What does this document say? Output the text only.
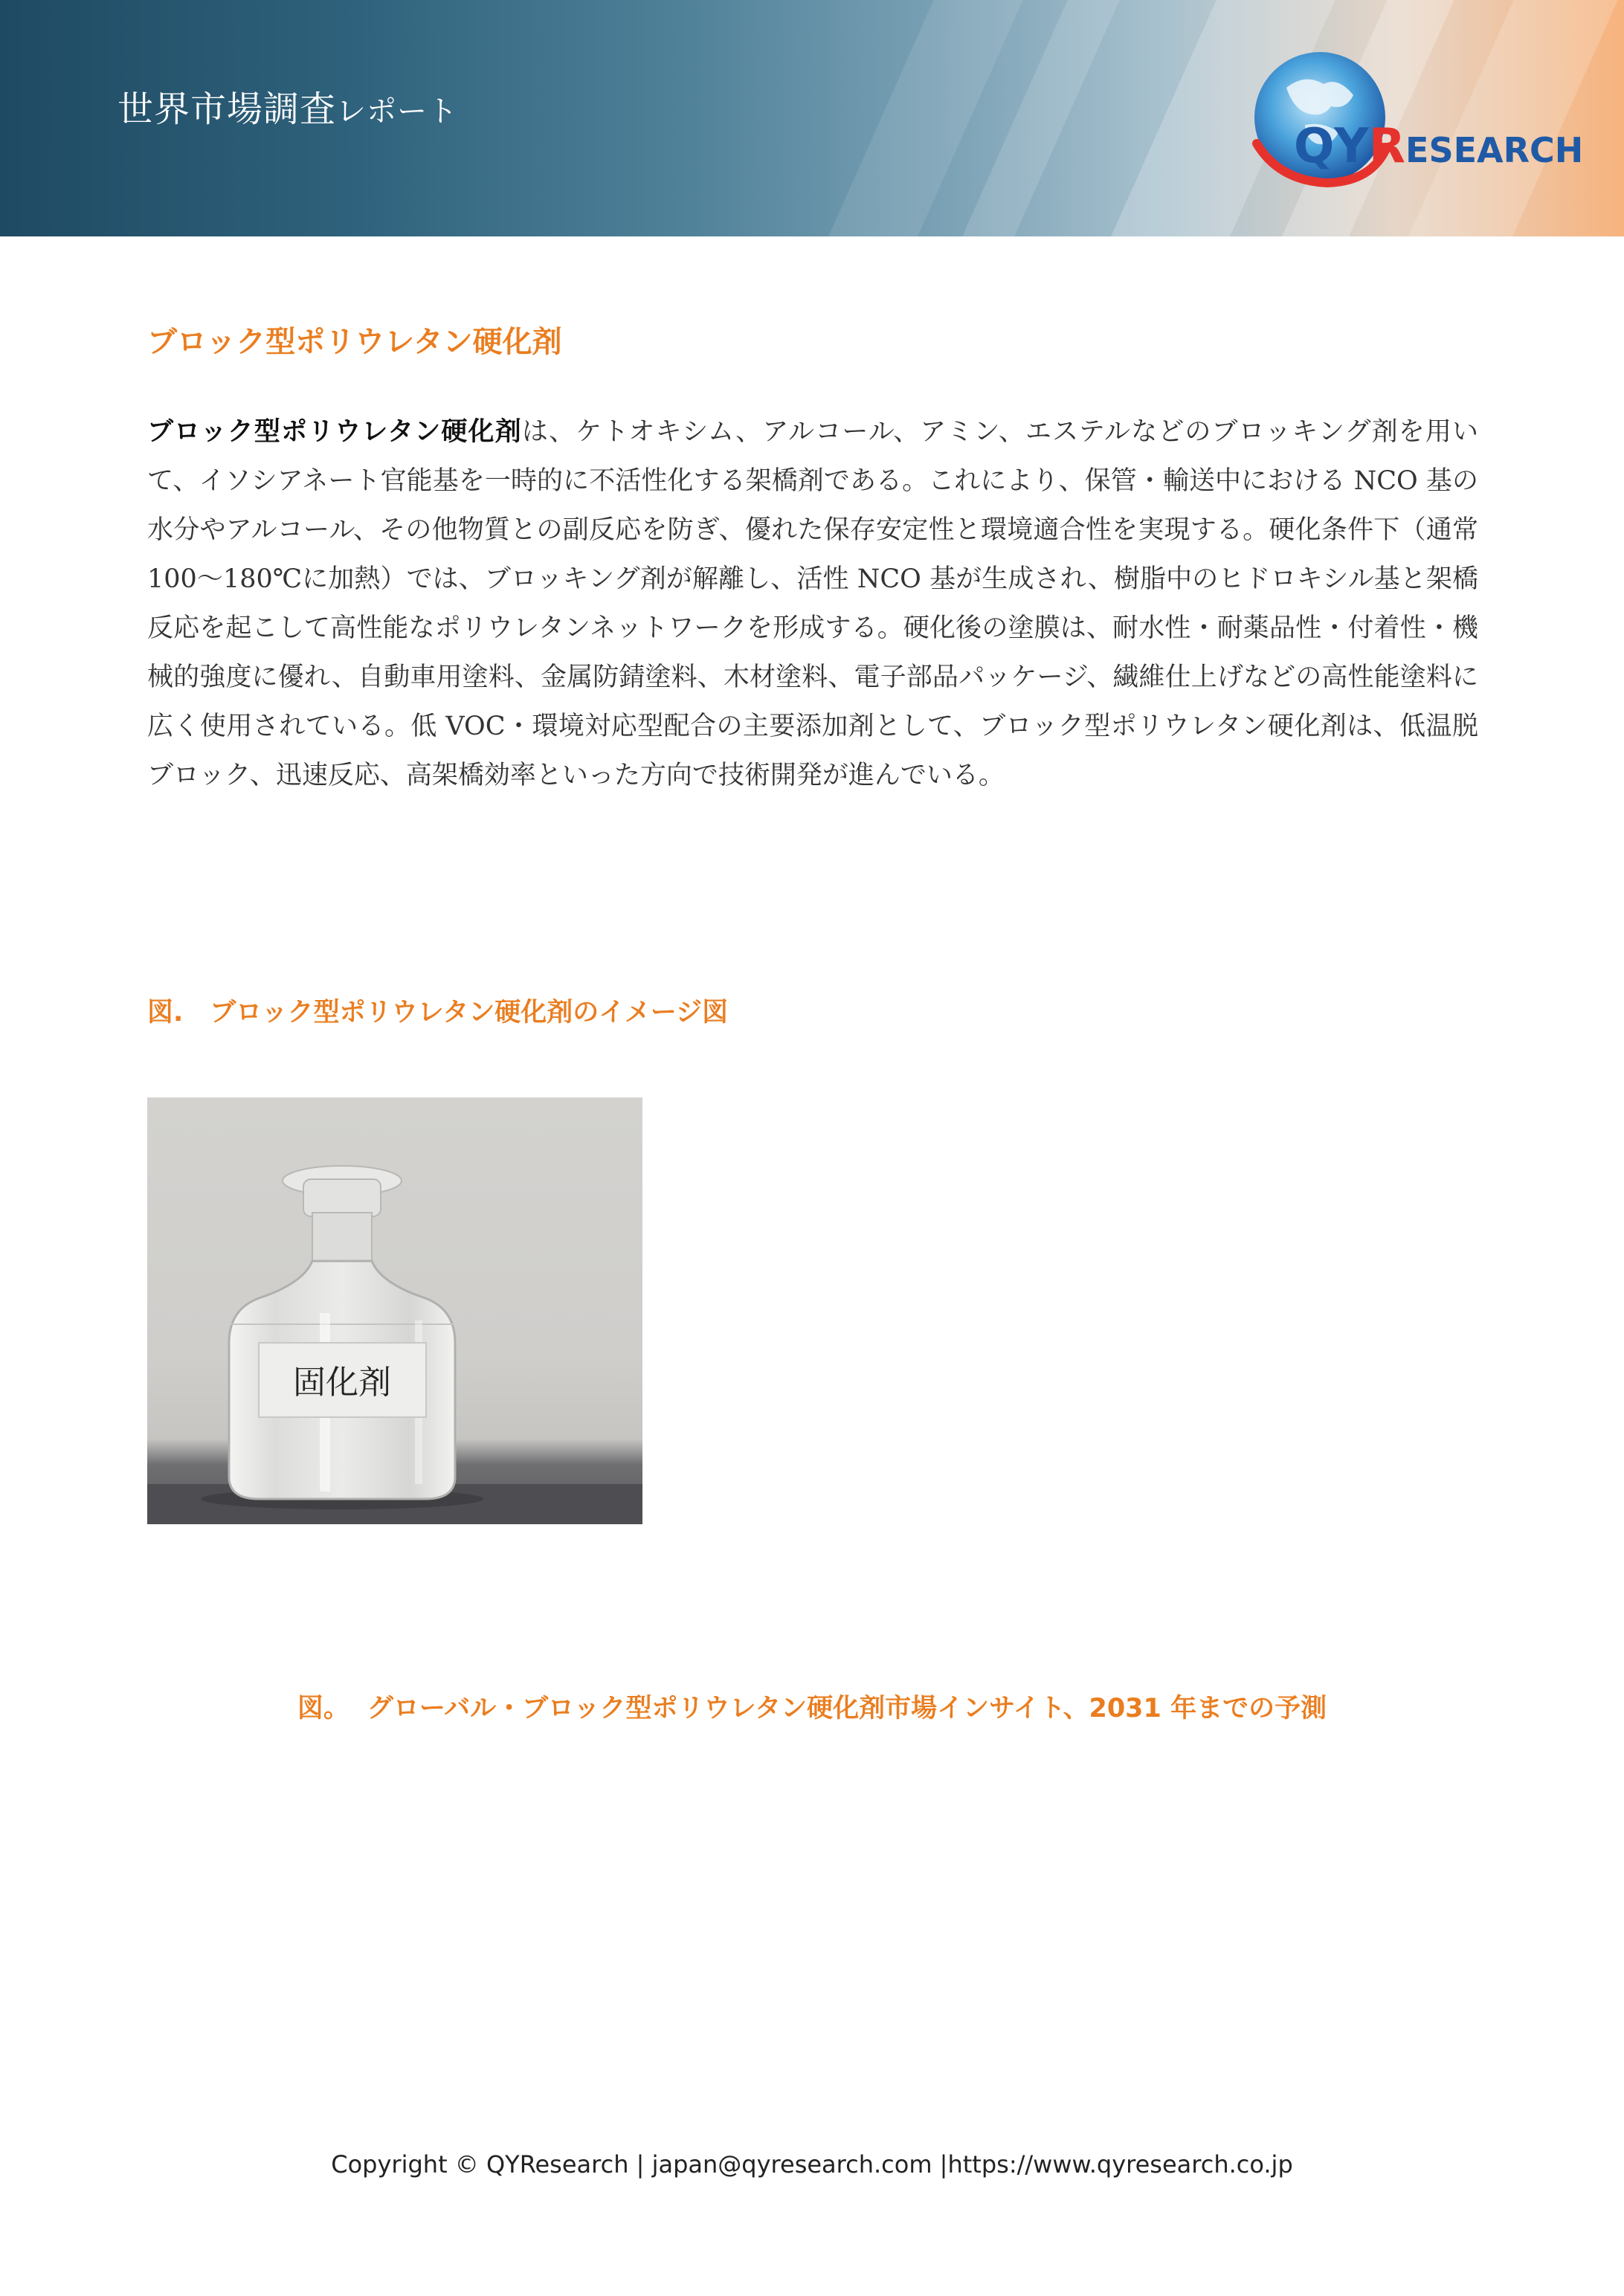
世界市場調査レポート
QYRESEARCH
ブロック型ポリウレタン硬化剤
ブロック型ポリウレタン硬化剤は、ケトオキシム、アルコール、アミン、エステルなどのブロッキング剤を用いて、イソシアネート官能基を一時的に不活性化する架橋剤である。これにより、保管・輸送中における NCO 基の水分やアルコール、その他物質との副反応を防ぎ、優れた保存安定性と環境適合性を実現する。硬化条件下（通常 100～180℃に加熱）では、ブロッキング剤が解離し、活性 NCO 基が生成され、樹脂中のヒドロキシル基と架橋反応を起こして高性能なポリウレタンネットワークを形成する。硬化後の塗膜は、耐水性・耐薬品性・付着性・機械的強度に優れ、自動車用塗料、金属防錆塗料、木材塗料、電子部品パッケージ、繊維仕上げなどの高性能塗料に広く使用されている。低 VOC・環境対応型配合の主要添加剤として、ブロック型ポリウレタン硬化剤は、低温脱ブロック、迅速反応、高架橋効率といった方向で技術開発が進んでいる。
図. ブロック型ポリウレタン硬化剤のイメージ図
固化剤
図。 グローバル・ブロック型ポリウレタン硬化剤市場インサイト、2031 年までの予測
Copyright © QYResearch | japan@qyresearch.com |https://www.qyresearch.co.jp
